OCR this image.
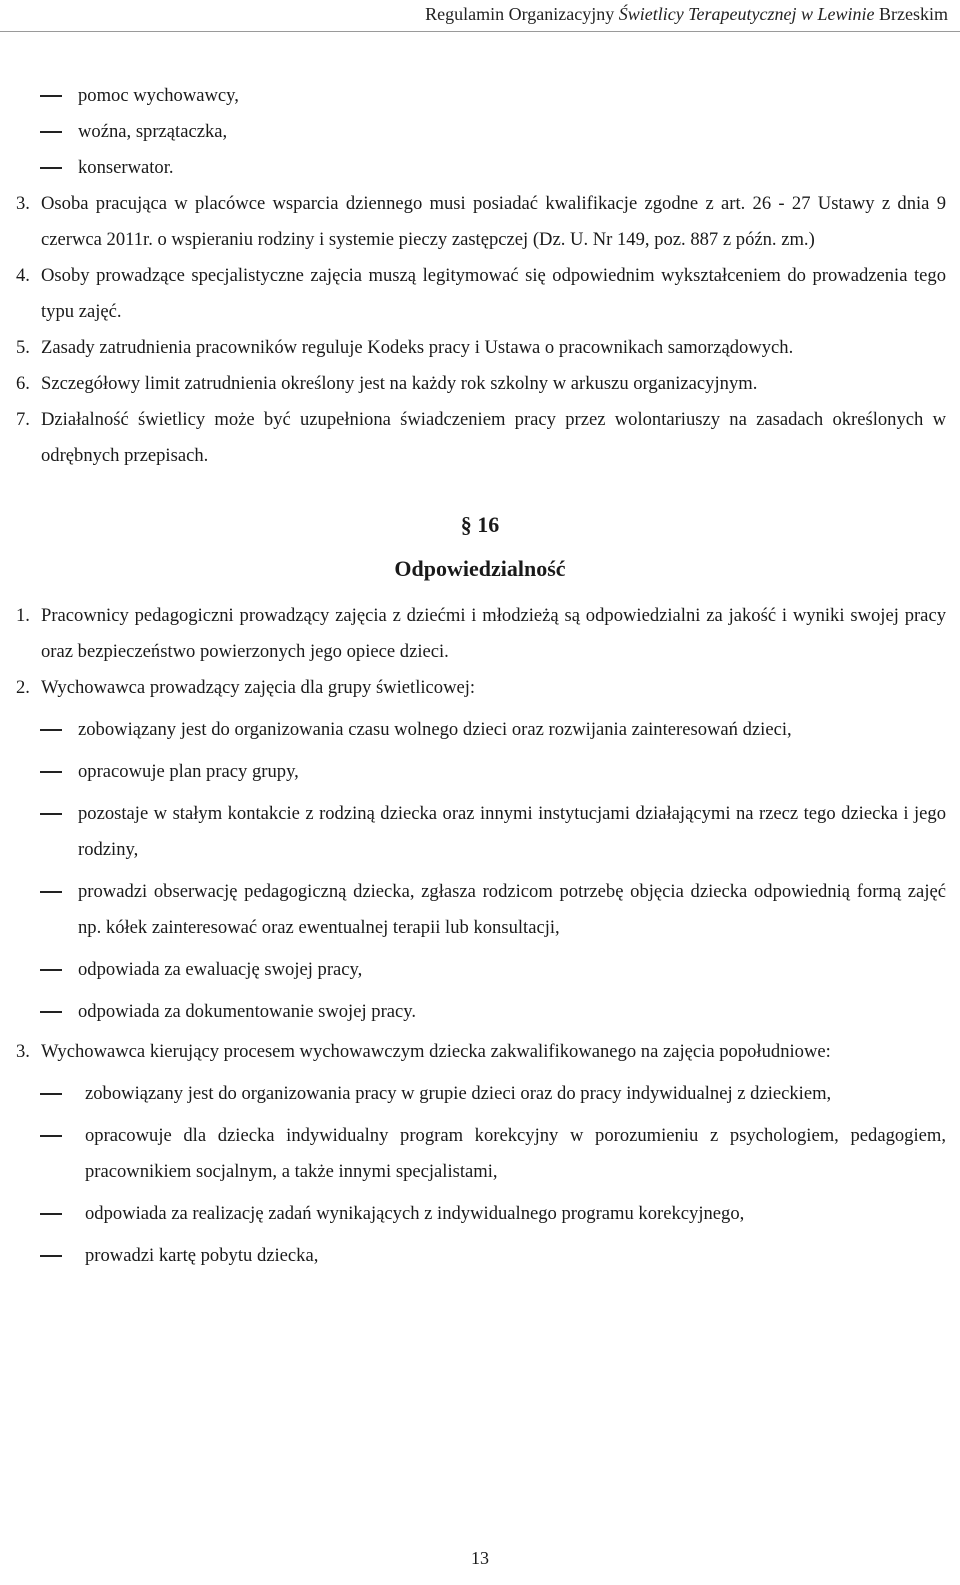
Regulamin Organizacyjny Świetlicy Terapeutycznej w Lewinie Brzeskim
pomoc wychowawcy,
woźna, sprzątaczka,
konserwator.
3. Osoba pracująca w placówce wsparcia dziennego musi posiadać kwalifikacje zgodne z art. 26 - 27 Ustawy z dnia 9 czerwca 2011r. o wspieraniu rodziny i systemie pieczy zastępczej (Dz. U. Nr 149, poz. 887 z późn. zm.)
4. Osoby prowadzące specjalistyczne zajęcia muszą legitymować się odpowiednim wykształceniem do prowadzenia tego typu zajęć.
5. Zasady zatrudnienia pracowników reguluje Kodeks pracy i Ustawa o pracownikach samorządowych.
6. Szczegółowy limit zatrudnienia określony jest na każdy rok szkolny w arkuszu organizacyjnym.
7. Działalność świetlicy może być uzupełniona świadczeniem pracy przez wolontariuszy na zasadach określonych w odrębnych przepisach.
§ 16
Odpowiedzialność
1. Pracownicy pedagogiczni prowadzący zajęcia z dziećmi i młodzieżą są odpowiedzialni za jakość i wyniki swojej pracy oraz bezpieczeństwo powierzonych jego opiece dzieci.
2. Wychowawca prowadzący zajęcia dla grupy świetlicowej:
zobowiązany jest do organizowania czasu wolnego dzieci oraz rozwijania zainteresowań dzieci,
opracowuje plan pracy grupy,
pozostaje w stałym kontakcie z rodziną dziecka oraz innymi instytucjami działającymi na rzecz tego dziecka i jego rodziny,
prowadzi obserwację pedagogiczną dziecka, zgłasza rodzicom potrzebę objęcia dziecka odpowiednią formą zajęć np. kółek zainteresować oraz ewentualnej terapii lub konsultacji,
odpowiada za ewaluację swojej pracy,
odpowiada za dokumentowanie swojej pracy.
3. Wychowawca kierujący procesem wychowawczym dziecka zakwalifikowanego na zajęcia popołudniowe:
zobowiązany jest do organizowania pracy w grupie dzieci oraz do pracy indywidualnej z dzieckiem,
opracowuje dla dziecka indywidualny program korekcyjny w porozumieniu z psychologiem, pedagogiem, pracownikiem socjalnym, a także innymi specjalistami,
odpowiada za realizację zadań wynikających z indywidualnego programu korekcyjnego,
prowadzi kartę pobytu dziecka,
13
